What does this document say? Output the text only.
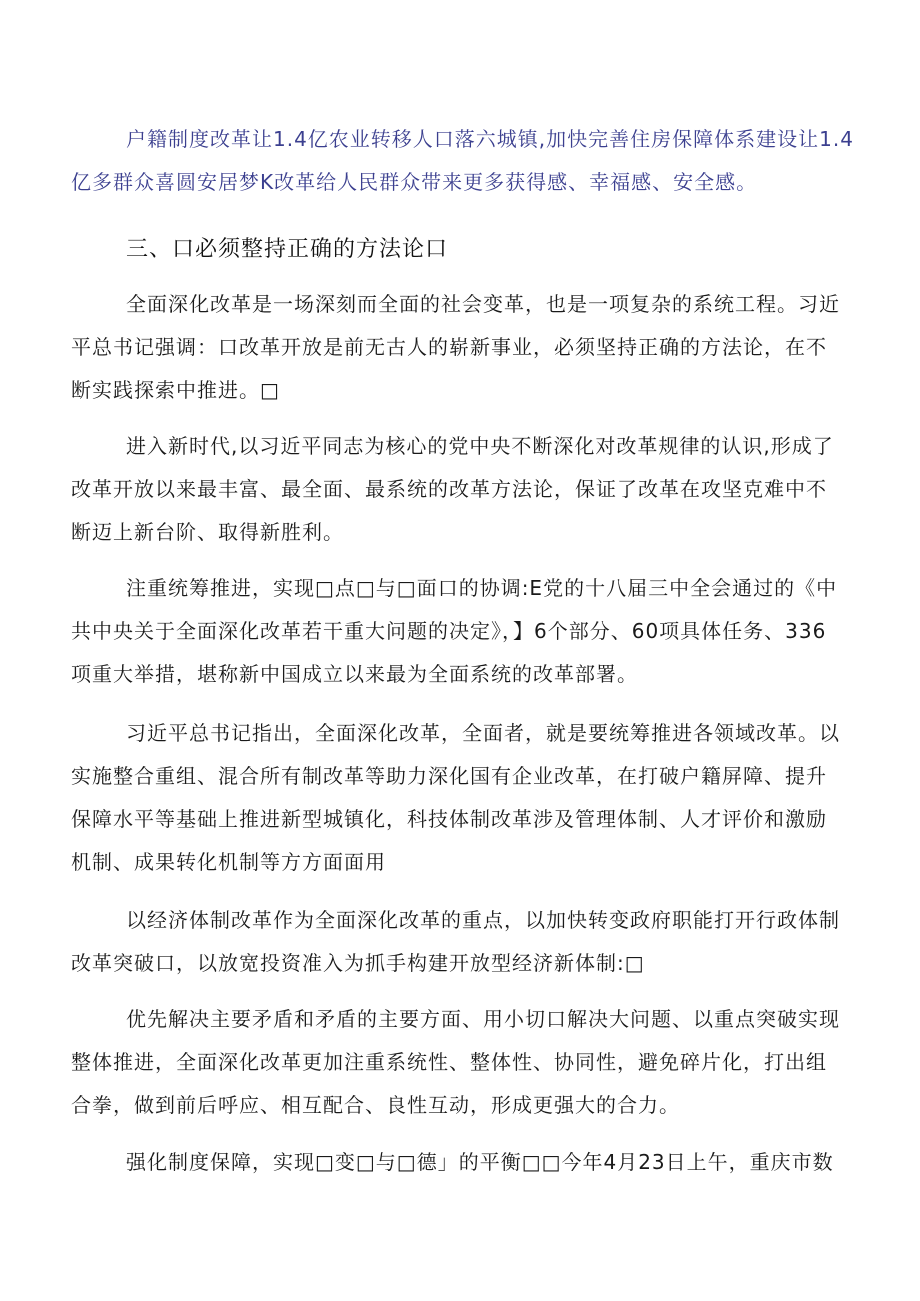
户籍制度改革让1.4亿农业转移人口落六城镇,加快完善住房保障体系建设让1.4
亿多群众喜圆安居梦K改革给人民群众带来更多获得感、幸福感、安全感。
三、口必须整持正确的方法论口
全面深化改革是一场深刻而全面的社会变革，也是一项复杂的系统工程。习近
平总书记强调：口改革开放是前无古人的崭新事业，必须坚持正确的方法论，在不
断实践探索中推进。□
进入新时代,以习近平同志为核心的党中央不断深化对改革规律的认识,形成了
改革开放以来最丰富、最全面、最系统的改革方法论，保证了改革在攻坚克难中不
断迈上新台阶、取得新胜利。
注重统筹推进，实现□点□与□面口的协调:E党的十八届三中全会通过的《中
共中央关于全面深化改革若干重大问题的决定》，】6个部分、60项具体任务、336
项重大举措，堪称新中国成立以来最为全面系统的改革部署。
习近平总书记指出，全面深化改革，全面者，就是要统筹推进各领域改革。以
实施整合重组、混合所有制改革等助力深化国有企业改革，在打破户籍屏障、提升
保障水平等基础上推进新型城镇化，科技体制改革涉及管理体制、人才评价和激励
机制、成果转化机制等方方面面用
以经济体制改革作为全面深化改革的重点，以加快转变政府职能打开行政体制
改革突破口，以放宽投资准入为抓手构建开放型经济新体制:□
优先解决主要矛盾和矛盾的主要方面、用小切口解决大问题、以重点突破实现
整体推进，全面深化改革更加注重系统性、整体性、协同性，避免碎片化，打出组
合拳，做到前后呼应、相互配合、良性互动，形成更强大的合力。
强化制度保障，实现□变□与□德」的平衡□□今年4月23日上午，重庆市数
